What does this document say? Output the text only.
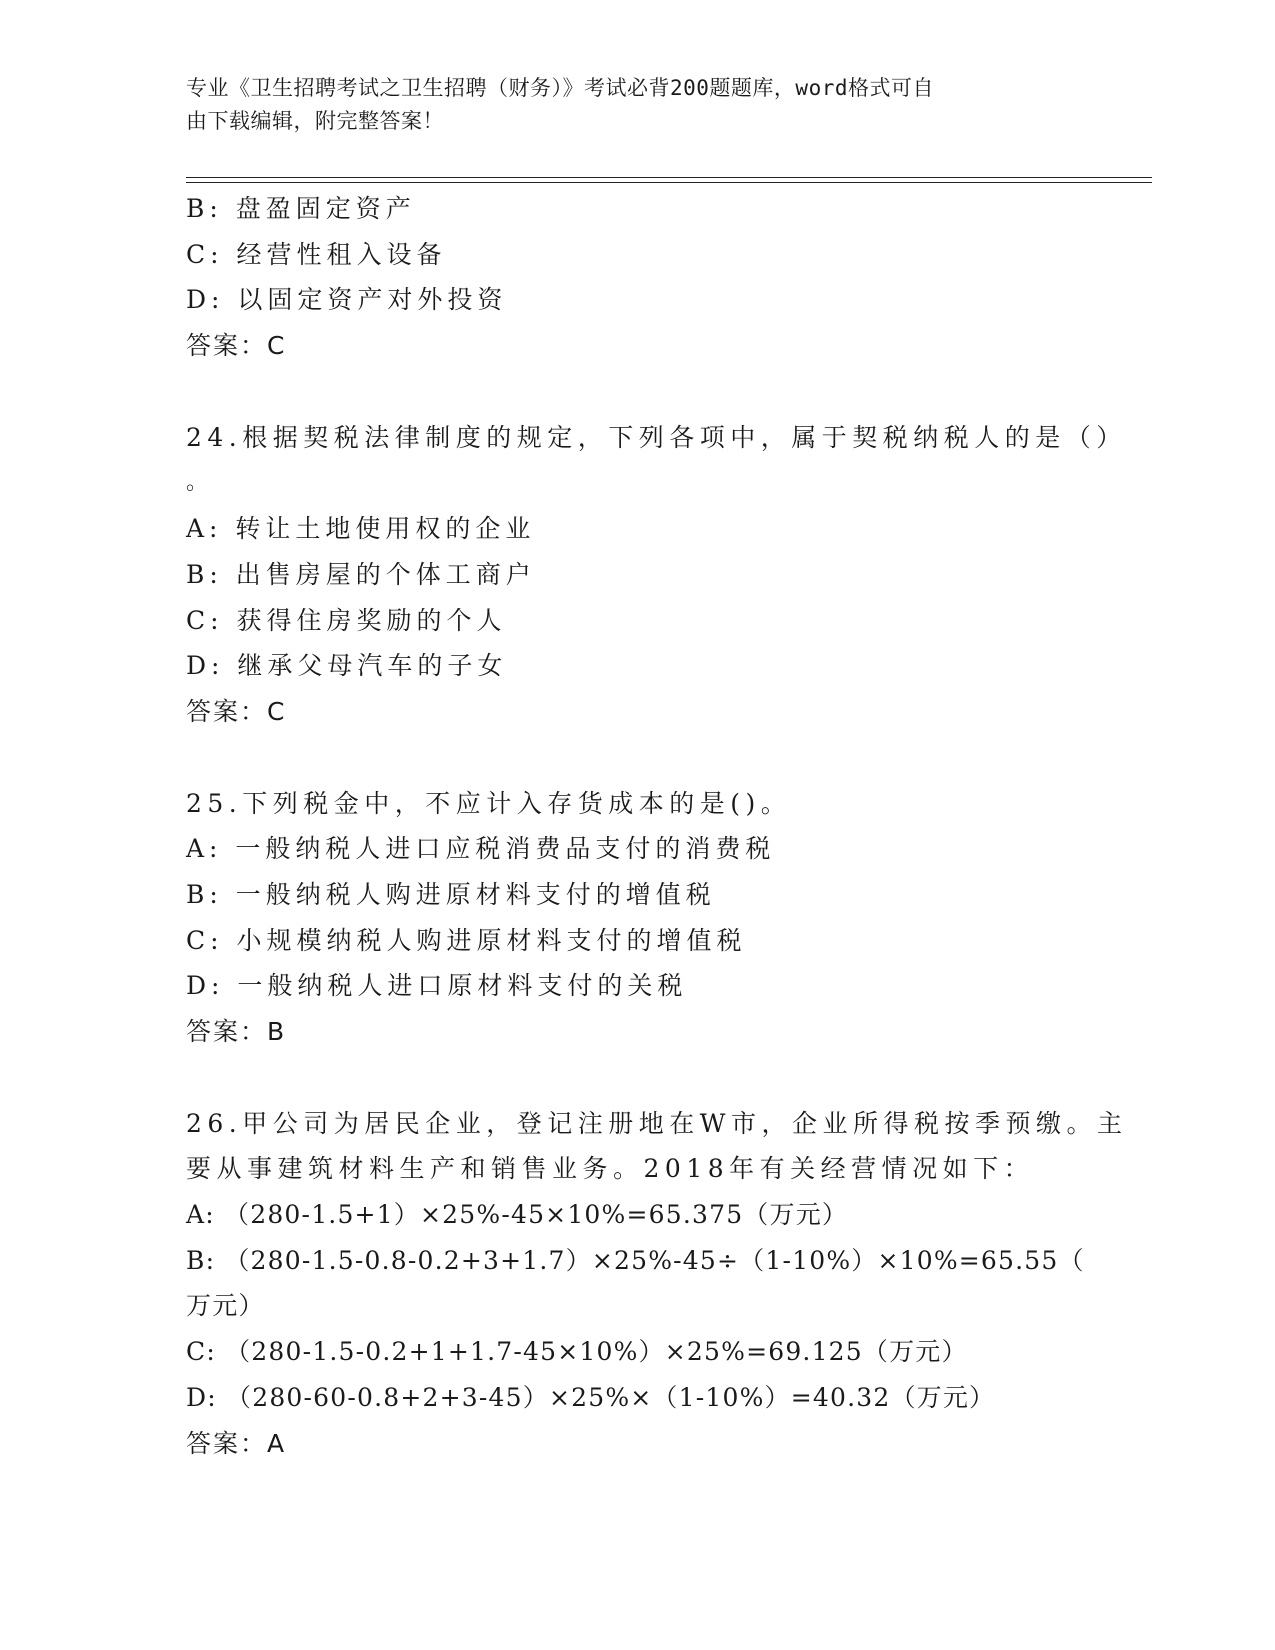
专业《卫生招聘考试之卫生招聘（财务）》考试必背200题题库，word格式可自
由下载编辑，附完整答案！
B: 盘盈固定资产
C: 经营性租入设备
D: 以固定资产对外投资
答案：C
24.根据契税法律制度的规定，下列各项中，属于契税纳税人的是（）
。
A: 转让土地使用权的企业
B: 出售房屋的个体工商户
C: 获得住房奖励的个人
D: 继承父母汽车的子女
答案：C
25.下列税金中，不应计入存货成本的是()。
A: 一般纳税人进口应税消费品支付的消费税
B: 一般纳税人购进原材料支付的增值税
C: 小规模纳税人购进原材料支付的增值税
D: 一般纳税人进口原材料支付的关税
答案：B
26.甲公司为居民企业，登记注册地在W市，企业所得税按季预缴。主
要从事建筑材料生产和销售业务。2018年有关经营情况如下：
A: （280-1.5+1）×25%-45×10%=65.375（万元）
B: （280-1.5-0.8-0.2+3+1.7）×25%-45÷（1-10%）×10%=65.55（
万元）
C: （280-1.5-0.2+1+1.7-45×10%）×25%=69.125（万元）
D: （280-60-0.8+2+3-45）×25%×（1-10%）=40.32（万元）
答案：A
